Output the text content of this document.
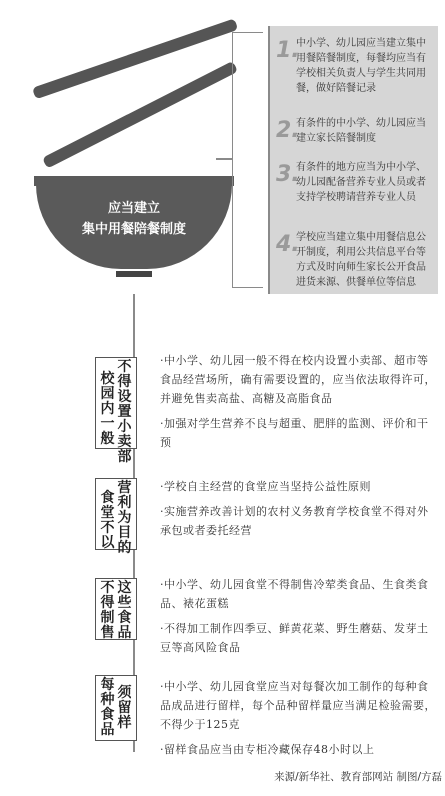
应当建立
集中用餐陪餐制度
1.
中小学、幼儿园应当建立集中用餐陪餐制度，每餐均应当有学校相关负责人与学生共同用餐，做好陪餐记录
2.
有条件的中小学、幼儿园应当建立家长陪餐制度
3.
有条件的地方应当为中小学、幼儿园配备营养专业人员或者支持学校聘请营养专业人员
4.
学校应当建立集中用餐信息公开制度，利用公共信息平台等方式及时向师生家长公开食品进货来源、供餐单位等信息
校园内一般
不得设置小卖部

·中小学、幼儿园一般不得在校内设置小卖部、超市等食品经营场所，确有需要设置的，应当依法取得许可，并避免售卖高盐、高糖及高脂食品

·加强对学生营养不良与超重、肥胖的监测、评价和干预

食堂不以
营利为目的

·学校自主经营的食堂应当坚持公益性原则

·实施营养改善计划的农村义务教育学校食堂不得对外承包或者委托经营

不得制售
这些食品

·中小学、幼儿园食堂不得制售冷荤类食品、生食类食品、裱花蛋糕

·不得加工制作四季豆、鲜黄花菜、野生蘑菇、发芽土豆等高风险食品

每种食品
须留样

·中小学、幼儿园食堂应当对每餐次加工制作的每种食品成品进行留样，每个品种留样量应当满足检验需要，不得少于125克

·留样食品应当由专柜冷藏保存48小时以上

来源/新华社、教育部网站 制图/方磊
